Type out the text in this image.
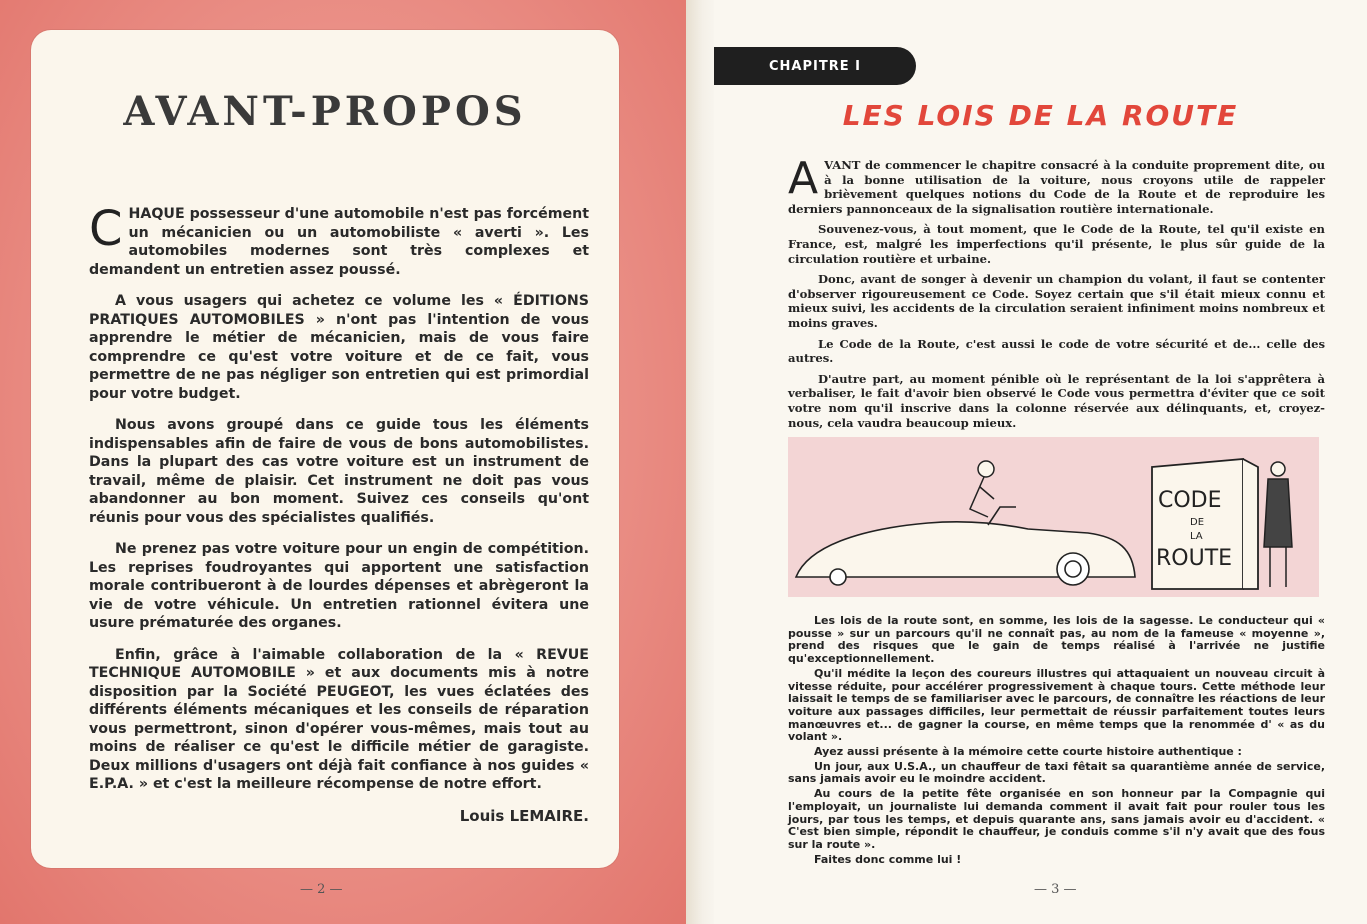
AVANT-PROPOS

CHAQUE possesseur d'une automobile n'est pas forcément un mécanicien ou un automobiliste « averti ». Les automobiles modernes sont très complexes et demandent un entretien assez poussé.

A vous usagers qui achetez ce volume les « ÉDITIONS PRATIQUES AUTOMOBILES » n'ont pas l'intention de vous apprendre le métier de mécanicien, mais de vous faire comprendre ce qu'est votre voiture et de ce fait, vous permettre de ne pas négliger son entretien qui est primordial pour votre budget.

Nous avons groupé dans ce guide tous les éléments indispensables afin de faire de vous de bons automobilistes. Dans la plupart des cas votre voiture est un instrument de travail, même de plaisir. Cet instrument ne doit pas vous abandonner au bon moment. Suivez ces conseils qu'ont réunis pour vous des spécialistes qualifiés.

Ne prenez pas votre voiture pour un engin de compétition. Les reprises foudroyantes qui apportent une satisfaction morale contribueront à de lourdes dépenses et abrègeront la vie de votre véhicule. Un entretien rationnel évitera une usure prématurée des organes.

Enfin, grâce à l'aimable collaboration de la « REVUE TECHNIQUE AUTOMOBILE » et aux documents mis à notre disposition par la Société PEUGEOT, les vues éclatées des différents éléments mécaniques et les conseils de réparation vous permettront, sinon d'opérer vous-mêmes, mais tout au moins de réaliser ce qu'est le difficile métier de garagiste. Deux millions d'usagers ont déjà fait confiance à nos guides « E.P.A. » et c'est la meilleure récompense de notre effort.

Louis LEMAIRE.
— 2 —
CHAPITRE I
LES LOIS DE LA ROUTE

AVANT de commencer le chapitre consacré à la conduite proprement dite, ou à la bonne utilisation de la voiture, nous croyons utile de rappeler brièvement quelques notions du Code de la Route et de reproduire les derniers pannonceaux de la signalisation routière internationale.

Souvenez-vous, à tout moment, que le Code de la Route, tel qu'il existe en France, est, malgré les imperfections qu'il présente, le plus sûr guide de la circulation routière et urbaine.

Donc, avant de songer à devenir un champion du volant, il faut se contenter d'observer rigoureusement ce Code. Soyez certain que s'il était mieux connu et mieux suivi, les accidents de la circulation seraient infiniment moins nombreux et moins graves.

Le Code de la Route, c'est aussi le code de votre sécurité et de... celle des autres.

D'autre part, au moment pénible où le représentant de la loi s'apprêtera à verbaliser, le fait d'avoir bien observé le Code vous permettra d'éviter que ce soit votre nom qu'il inscrive dans la colonne réservée aux délinquants, et, croyez-nous, cela vaudra beaucoup mieux.

CODE
DE
LA
ROUTE

Les lois de la route sont, en somme, les lois de la sagesse. Le conducteur qui « pousse » sur un parcours qu'il ne connaît pas, au nom de la fameuse « moyenne », prend des risques que le gain de temps réalisé à l'arrivée ne justifie qu'exceptionnellement.

Qu'il médite la leçon des coureurs illustres qui attaquaient un nouveau circuit à vitesse réduite, pour accélérer progressivement à chaque tours. Cette méthode leur laissait le temps de se familiariser avec le parcours, de connaître les réactions de leur voiture aux passages difficiles, leur permettait de réussir parfaitement toutes leurs manœuvres et... de gagner la course, en même temps que la renommée d' « as du volant ».

Ayez aussi présente à la mémoire cette courte histoire authentique :

Un jour, aux U.S.A., un chauffeur de taxi fêtait sa quarantième année de service, sans jamais avoir eu le moindre accident.

Au cours de la petite fête organisée en son honneur par la Compagnie qui l'employait, un journaliste lui demanda comment il avait fait pour rouler tous les jours, par tous les temps, et depuis quarante ans, sans jamais avoir eu d'accident. « C'est bien simple, répondit le chauffeur, je conduis comme s'il n'y avait que des fous sur la route ».

Faites donc comme lui !

— 3 —
